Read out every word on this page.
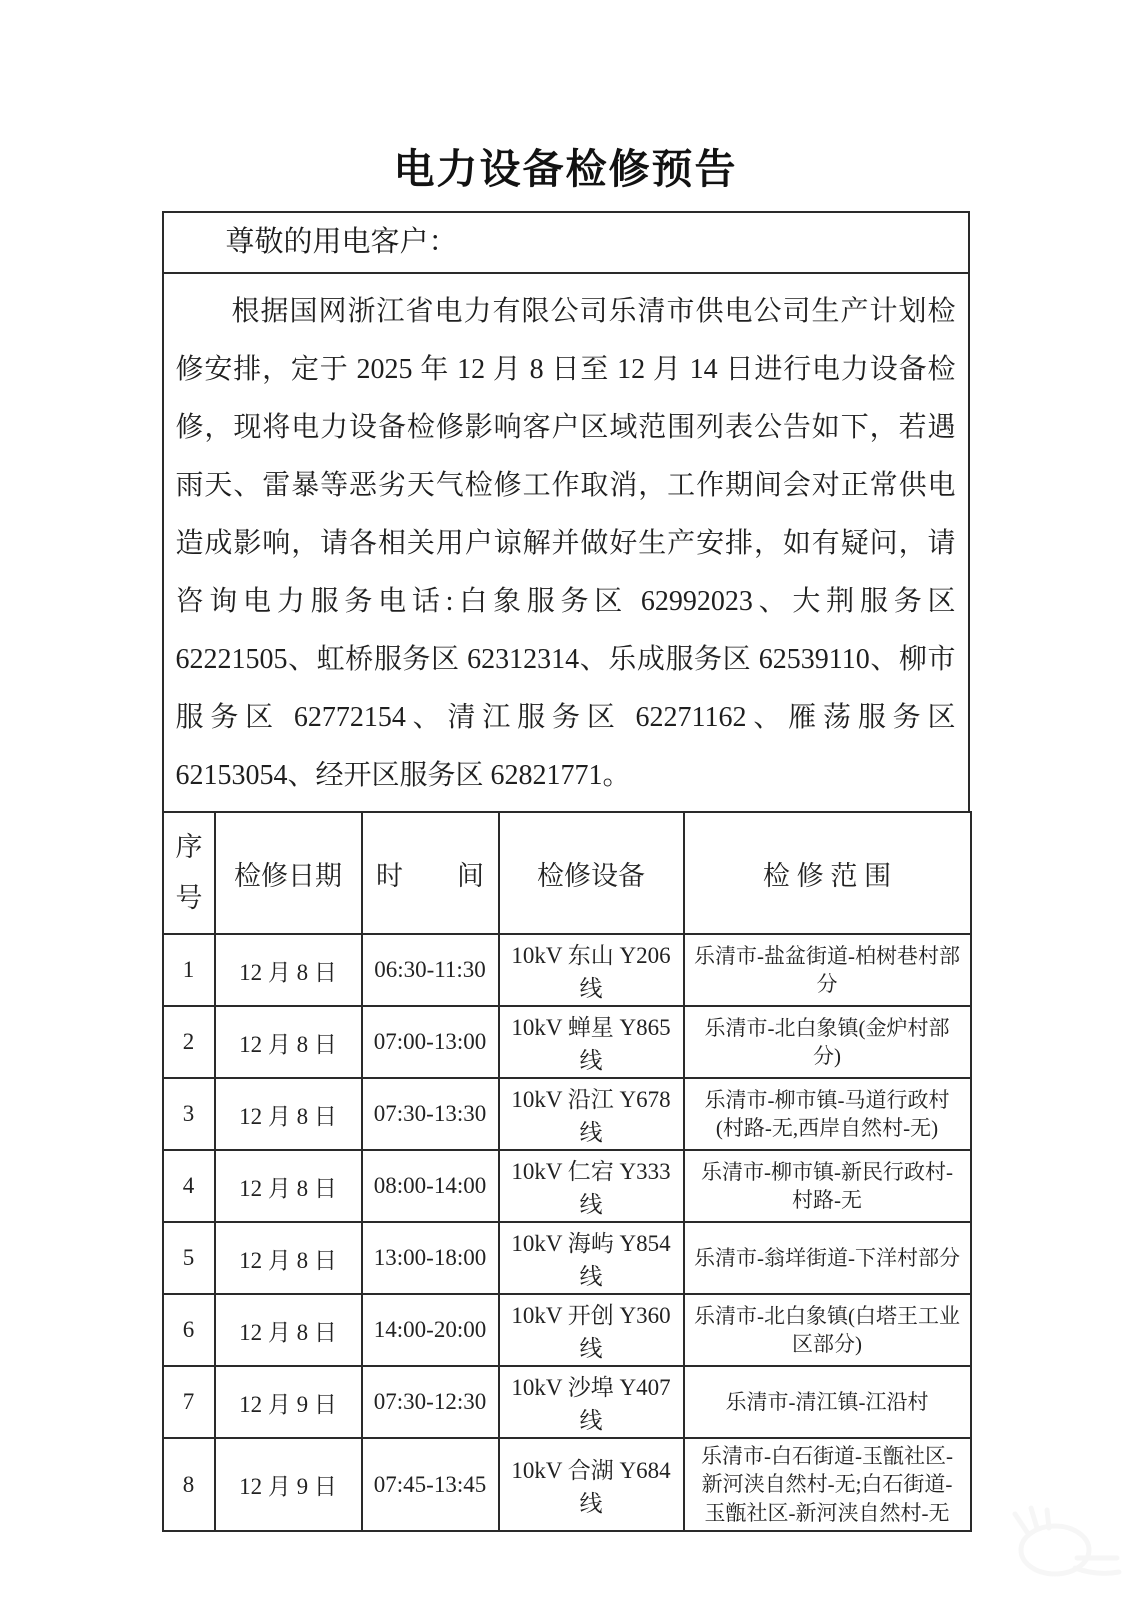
电力设备检修预告
尊敬的用电客户：
根据国网浙江省电力有限公司乐清市供电公司生产计划检修安排，定于 2025 年 12 月 8 日至 12 月 14 日进行电力设备检修，现将电力设备检修影响客户区域范围列表公告如下，若遇雨天、雷暴等恶劣天气检修工作取消，工作期间会对正常供电造成影响，请各相关用户谅解并做好生产安排，如有疑问，请咨询电力服务电话:白象服务区 62992023、大荆服务区 62221505、虹桥服务区 62312314、乐成服务区 62539110、柳市服务区 62772154、清江服务区 62271162、雁荡服务区 62153054、经开区服务区 62821771。
序号	检修日期	时　　间	检修设备	检 修 范 围
1	12 月 8 日	06:30-11:30	10kV 东山 Y206 线	乐清市-盐盆街道-柏树巷村部分
2	12 月 8 日	07:00-13:00	10kV 蝉星 Y865 线	乐清市-北白象镇(金炉村部分)
3	12 月 8 日	07:30-13:30	10kV 沿江 Y678 线	乐清市-柳市镇-马道行政村(村路-无,西岸自然村-无)
4	12 月 8 日	08:00-14:00	10kV 仁宕 Y333 线	乐清市-柳市镇-新民行政村-村路-无
5	12 月 8 日	13:00-18:00	10kV 海屿 Y854 线	乐清市-翁垟街道-下洋村部分
6	12 月 8 日	14:00-20:00	10kV 开创 Y360 线	乐清市-北白象镇(白塔王工业区部分)
7	12 月 9 日	07:30-12:30	10kV 沙埠 Y407 线	乐清市-清江镇-江沿村
8	12 月 9 日	07:45-13:45	10kV 合湖 Y684 线	乐清市-白石街道-玉甑社区-新河浃自然村-无;白石街道-玉甑社区-新河浃自然村-无
